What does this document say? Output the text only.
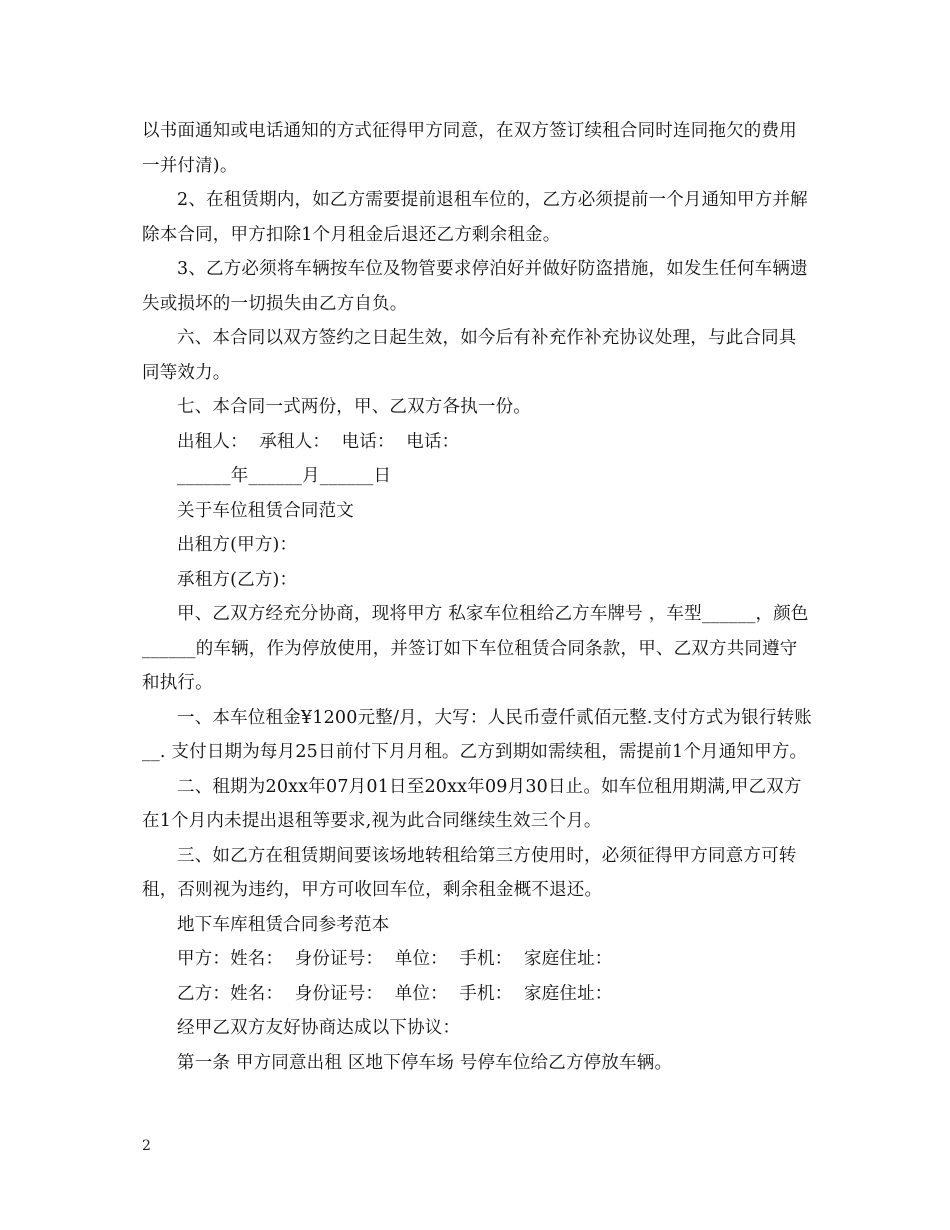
以书面通知或电话通知的方式征得甲方同意，在双方签订续租合同时连同拖欠的费用一并付清)。

2、在租赁期内，如乙方需要提前退租车位的，乙方必须提前一个月通知甲方并解除本合同，甲方扣除1个月租金后退还乙方剩余租金。

3、乙方必须将车辆按车位及物管要求停泊好并做好防盗措施，如发生任何车辆遗失或损坏的一切损失由乙方自负。

六、本合同以双方签约之日起生效，如今后有补充作补充协议处理，与此合同具同等效力。

七、本合同一式两份，甲、乙双方各执一份。

出租人：  承租人：  电话：  电话：

______年______月______日

关于车位租赁合同范文

出租方(甲方)：

承租方(乙方)：

甲、乙双方经充分协商，现将甲方 私家车位租给乙方车牌号 ，车型______，颜色______的车辆，作为停放使用，并签订如下车位租赁合同条款，甲、乙双方共同遵守和执行。

一、本车位租金¥1200元整/月，大写：人民币壹仟贰佰元整.支付方式为银行转账__. 支付日期为每月25日前付下月月租。乙方到期如需续租，需提前1个月通知甲方。

二、租期为20xx年07月01日至20xx年09月30日止。如车位租用期满,甲乙双方在1个月内未提出退租等要求,视为此合同继续生效三个月。

三、如乙方在租赁期间要该场地转租给第三方使用时，必须征得甲方同意方可转租，否则视为违约，甲方可收回车位，剩余租金概不退还。

地下车库租赁合同参考范本

甲方：姓名：  身份证号：  单位：  手机：  家庭住址：

乙方：姓名：  身份证号：  单位：  手机：  家庭住址：

经甲乙双方友好协商达成以下协议：

第一条 甲方同意出租 区地下停车场 号停车位给乙方停放车辆。

2
